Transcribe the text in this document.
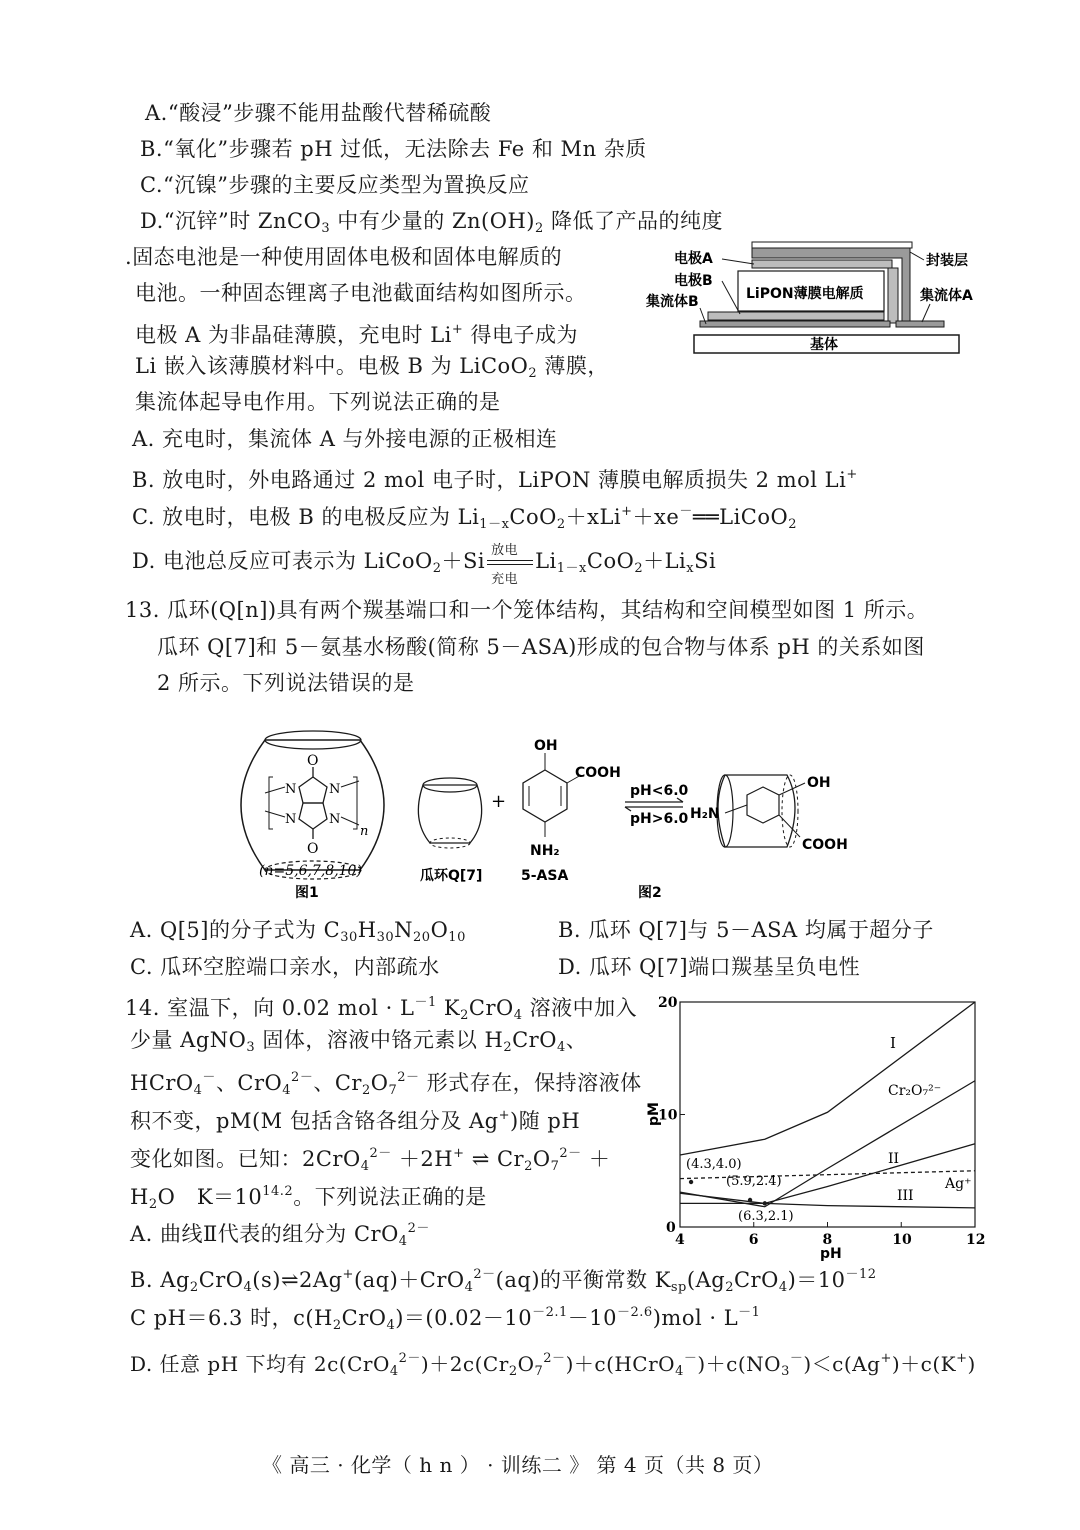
A.“酸浸”步骤不能用盐酸代替稀硫酸
B.“氧化”步骤若 pH 过低，无法除去 Fe 和 Mn 杂质
C.“沉镍”步骤的主要反应类型为置换反应
D.“沉锌”时 ZnCO$_3$ 中有少量的 $Zn(OH)_2$ 降低了产品的纯度
.固态电池是一种使用固体电极和固体电解质的
电池。一种固态锂离子电池截面结构如图所示。
电极 A 为非晶硅薄膜，充电时 Li+ 得电子成为
Li 嵌入该薄膜材料中。电极 B 为 LiCoO$_2$ 薄膜，
集流体起导电作用。下列说法正确的是
A. 充电时，集流体 A 与外接电源的正极相连
B. 放电时，外电路通过 2 mol 电子时，LiPON 薄膜电解质损失 2 mol Li+
C. 放电时，电极 B 的电极反应为 $Li_{1-x}CoO_2+xLi^++xe^-══LiCoO_2$
D. 电池总反应可表示为 LiCoO$_2$＋Si 放电
充电
$Li_{1-x}CoO_2+Li_xSi$
基体
LiPON薄膜电解质
电极A
电极B
集流体B
封装层
集流体A
13. 瓜环(Q[n])具有两个羰基端口和一个笼体结构，其结构和空间模型如图 1 所示。
瓜环 Q[7]和 5－氨基水杨酸(简称 5－ASA)形成的包合物与体系 pH 的关系如图
2 所示。下列说法错误的是
O
N	N
N	N
O
n
(n=5,6,7,8,10)
图1
瓜环Q[7]
+
OH
COOH
NH₂
5-ASA
pH<6.0
pH>6.0
图2
H₂N
OH
COOH
A. Q[5]的分子式为 $C_{30}H_{30}N_{20}O_{10}$	B. 瓜环 Q[7]与 5－ASA 均属于超分子
C. 瓜环空腔端口亲水，内部疏水	D. 瓜环 Q[7]端口羰基呈负电性
14. 室温下，向 0.02 mol · $L^{-1}$ $K_2CrO_4$ 溶液中加入
少量 AgNO$_3$ 固体，溶液中铬元素以 $H_2CrO_4$、
HCrO$_4$－、CrO$_4^{2-}$、$Cr_2O_7^{2-}$ 形式存在，保持溶液体
积不变，pM(M 包括含铬各组分及 Ag+)随 pH
变化如图。已知：2CrO$_4^{2-}$ ＋2H+ ⇌ $Cr_2O_7^{2-}$ ＋
$H_2O$　$K=10^{14.2}$。下列说法正确的是
A. 曲线Ⅱ代表的组分为 CrO$_4^{2-}$
B. $Ag_2CrO_4(s)\rightleftharpoons 2Ag^+(aq)+CrO_4^{2-}(aq)$的平衡常数 $K_{sp}(Ag_2CrO_4)=10^{-12}$
C pH＝6.3 时，$c(H_2CrO_4)=(0.02-10^{-2.1}-10^{-2.6})mol \cdot L^{-1}$
D. 任意 pH 下均有 $2c(CrO_4^{2-})+2c(Cr_2O_7^{2-})+c(HCrO_4^-)+c(NO_3^-)<c(Ag^+)+c(K^+)$
4	6	8	10	12
0
10
20
pM
pH
I
Cr₂O₇²⁻
II
Ag⁺
III
(4.3,4.0)
(5.9,2.4)
(6.3,2.1)
《 高三 · 化学（ h n ） · 训练二 》 第 4 页（共 8 页）
